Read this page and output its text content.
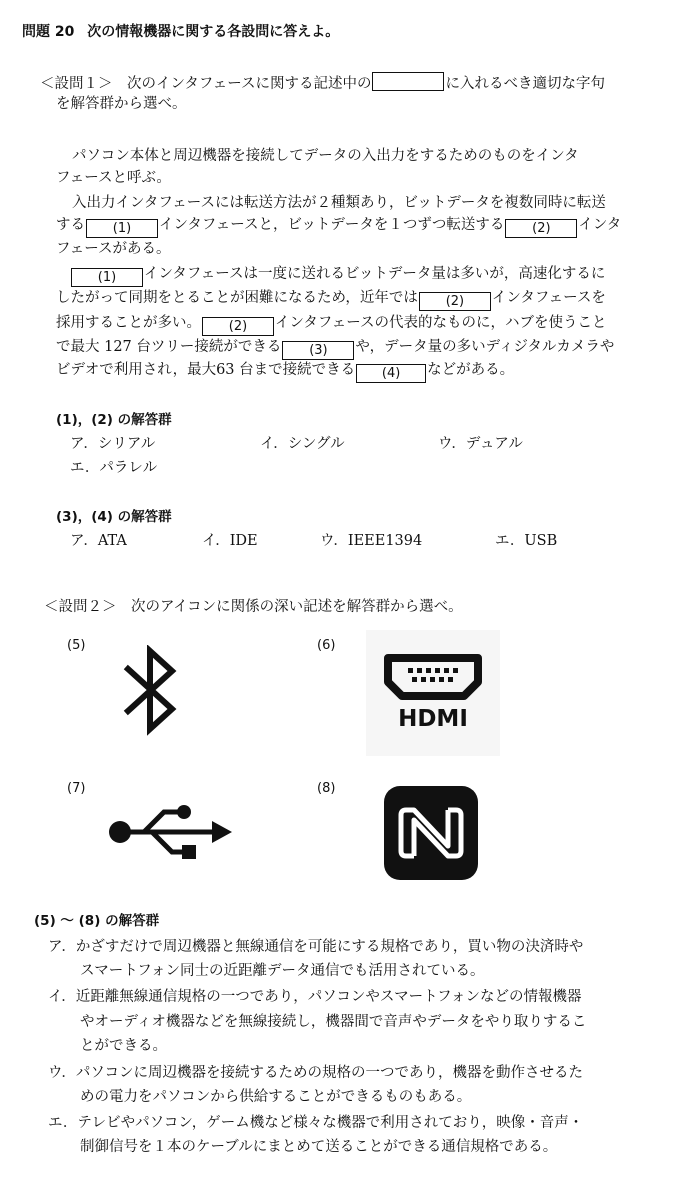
問題 20 次の情報機器に関する各設問に答えよ。
＜設問１＞　次のインタフェースに関する記述中の	に入れるべき適切な字句
を解答群から選べ。
パソコン本体と周辺機器を接続してデータの入出力をするためのものをインタ
フェースと呼ぶ。
入出力インタフェースには転送方法が２種類あり，ビットデータを複数同時に転送
する (1) インタフェースと，ビットデータを１つずつ転送する (2) インタ
フェースがある。
(1) インタフェースは一度に送れるビットデータ量は多いが，高速化するに
したがって同期をとることが困難になるため，近年では (2) インタフェースを
採用することが多い。 (2) インタフェースの代表的なものに，ハブを使うこと
で最大 127 台ツリー接続ができる (3) や，データ量の多いディジタルカメラや
ビデオで利用され，最大63 台まで接続できる (4) などがある。
(1)，(2) の解答群
ア．シリアル	イ．シングル	ウ．デュアル
エ．パラレル
(3)，(4) の解答群
ア．ATA	イ．IDE	ウ．IEEE1394	エ．USB
＜設問２＞　次のアイコンに関係の深い記述を解答群から選べ。
(5)	(6)
(7)	(8)
HDMI
(5) ～ (8) の解答群
ア．かざすだけで周辺機器と無線通信を可能にする規格であり，買い物の決済時や
スマートフォン同士の近距離データ通信でも活用されている。
イ．近距離無線通信規格の一つであり，パソコンやスマートフォンなどの情報機器
やオーディオ機器などを無線接続し，機器間で音声やデータをやり取りするこ
とができる。
ウ．パソコンに周辺機器を接続するための規格の一つであり，機器を動作させるた
めの電力をパソコンから供給することができるものもある。
エ．テレビやパソコン，ゲーム機など様々な機器で利用されており，映像・音声・
制御信号を１本のケーブルにまとめて送ることができる通信規格である。
